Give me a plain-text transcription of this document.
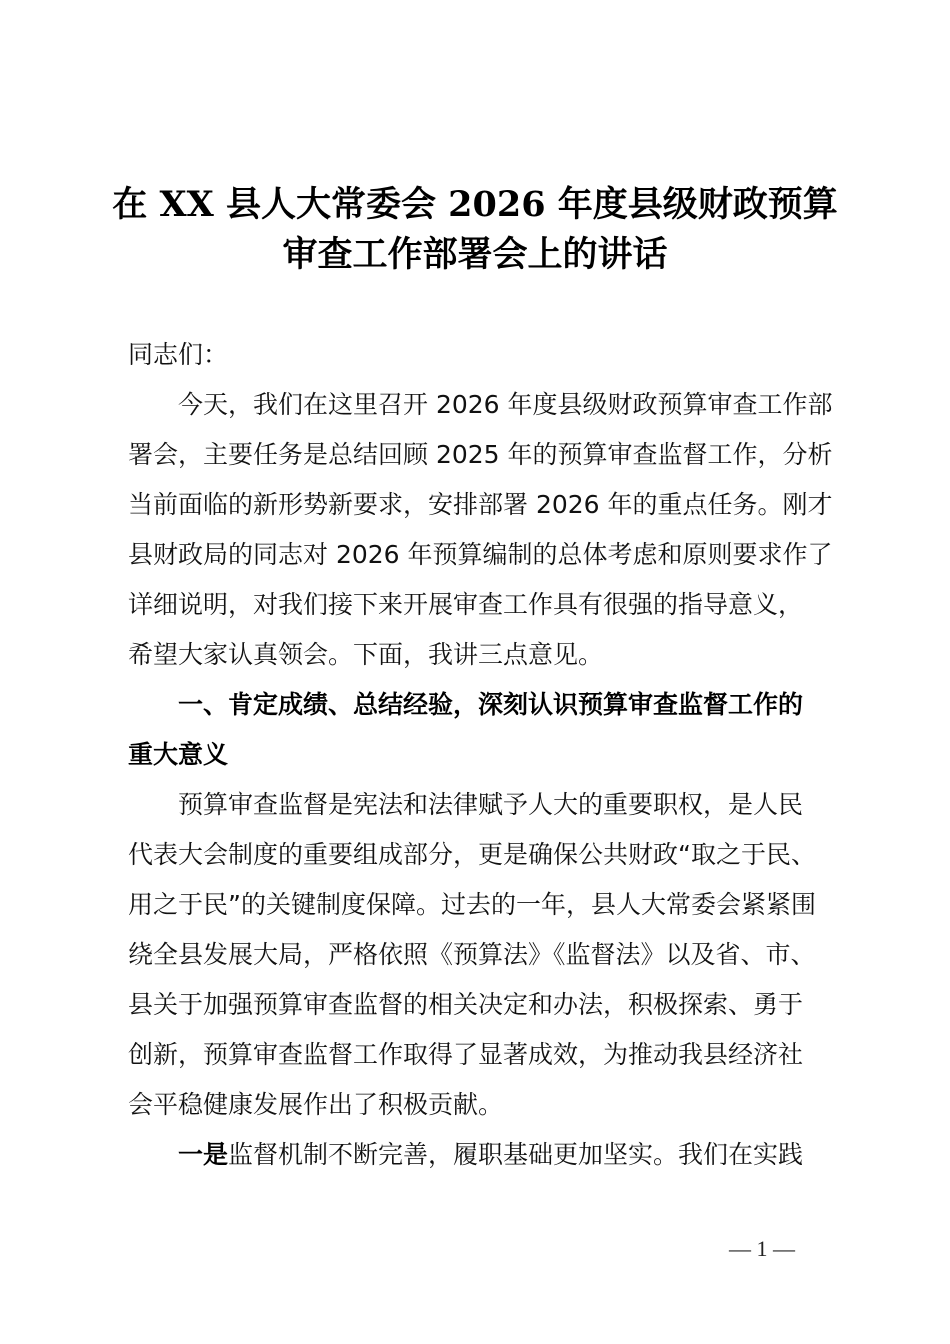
在 XX 县人大常委会 2026 年度县级财政预算
审查工作部署会上的讲话
同志们：
今天，我们在这里召开 2026 年度县级财政预算审查工作部
署会，主要任务是总结回顾 2025 年的预算审查监督工作，分析
当前面临的新形势新要求，安排部署 2026 年的重点任务。刚才
县财政局的同志对 2026 年预算编制的总体考虑和原则要求作了
详细说明，对我们接下来开展审查工作具有很强的指导意义，
希望大家认真领会。下面，我讲三点意见。
一、肯定成绩、总结经验，深刻认识预算审查监督工作的
重大意义
预算审查监督是宪法和法律赋予人大的重要职权，是人民
代表大会制度的重要组成部分，更是确保公共财政“取之于民、
用之于民”的关键制度保障。过去的一年，县人大常委会紧紧围
绕全县发展大局，严格依照《预算法》《监督法》以及省、市、
县关于加强预算审查监督的相关决定和办法，积极探索、勇于
创新，预算审查监督工作取得了显著成效，为推动我县经济社
会平稳健康发展作出了积极贡献。
一是监督机制不断完善，履职基础更加坚实。我们在实践
— 1 —
